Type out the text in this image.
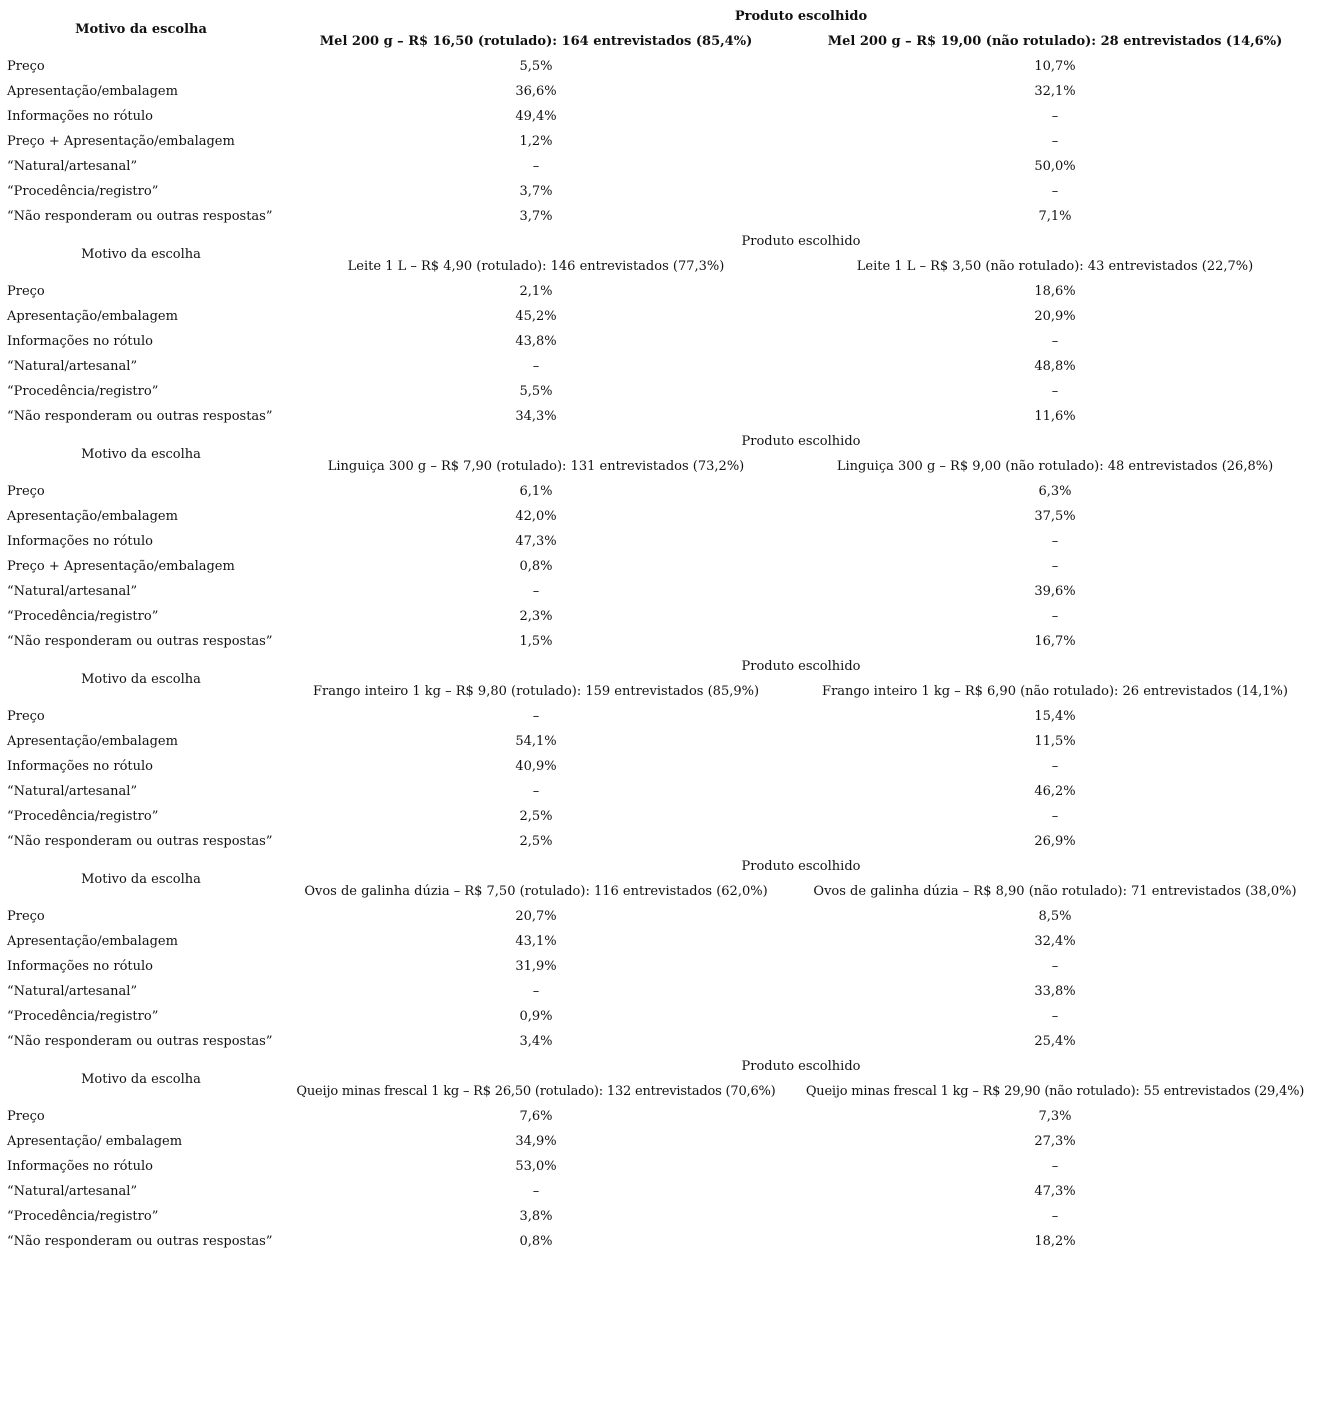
Motivo da escolha
Produto escolhido
Mel 200 g – R$ 16,50 (rotulado): 164 entrevistados (85,4%)	Mel 200 g – R$ 19,00 (não rotulado): 28 entrevistados (14,6%)
Preço	5,5%	10,7%
Apresentação/embalagem	36,6%	32,1%
Informações no rótulo	49,4%	–
Preço + Apresentação/embalagem	1,2%	–
“Natural/artesanal”	–	50,0%
“Procedência/registro”	3,7%	–
“Não responderam ou outras respostas”	3,7%	7,1%
Motivo da escolha
Produto escolhido
Leite 1 L – R$ 4,90 (rotulado): 146 entrevistados (77,3%)	Leite 1 L – R$ 3,50 (não rotulado): 43 entrevistados (22,7%)
Preço	2,1%	18,6%
Apresentação/embalagem	45,2%	20,9%
Informações no rótulo	43,8%	–
“Natural/artesanal”	–	48,8%
“Procedência/registro”	5,5%	–
“Não responderam ou outras respostas”	34,3%	11,6%
Motivo da escolha
Produto escolhido
Linguiça 300 g – R$ 7,90 (rotulado): 131 entrevistados (73,2%)	Linguiça 300 g – R$ 9,00 (não rotulado): 48 entrevistados (26,8%)
Preço	6,1%	6,3%
Apresentação/embalagem	42,0%	37,5%
Informações no rótulo	47,3%	–
Preço + Apresentação/embalagem	0,8%	–
“Natural/artesanal”	–	39,6%
“Procedência/registro”	2,3%	–
“Não responderam ou outras respostas”	1,5%	16,7%
Motivo da escolha
Produto escolhido
Frango inteiro 1 kg – R$ 9,80 (rotulado): 159 entrevistados (85,9%)	Frango inteiro 1 kg – R$ 6,90 (não rotulado): 26 entrevistados (14,1%)
Preço	–	15,4%
Apresentação/embalagem	54,1%	11,5%
Informações no rótulo	40,9%	–
“Natural/artesanal”	–	46,2%
“Procedência/registro”	2,5%	–
“Não responderam ou outras respostas”	2,5%	26,9%
Motivo da escolha
Produto escolhido
Ovos de galinha dúzia – R$ 7,50 (rotulado): 116 entrevistados (62,0%)	Ovos de galinha dúzia – R$ 8,90 (não rotulado): 71 entrevistados (38,0%)
Preço	20,7%	8,5%
Apresentação/embalagem	43,1%	32,4%
Informações no rótulo	31,9%	–
“Natural/artesanal”	–	33,8%
“Procedência/registro”	0,9%	–
“Não responderam ou outras respostas”	3,4%	25,4%
Motivo da escolha
Produto escolhido
Queijo minas frescal 1 kg – R$ 26,50 (rotulado): 132 entrevistados (70,6%)	Queijo minas frescal 1 kg – R$ 29,90 (não rotulado): 55 entrevistados (29,4%)
Preço	7,6%	7,3%
Apresentação/ embalagem	34,9%	27,3%
Informações no rótulo	53,0%	–
“Natural/artesanal”	–	47,3%
“Procedência/registro”	3,8%	–
“Não responderam ou outras respostas”	0,8%	18,2%
